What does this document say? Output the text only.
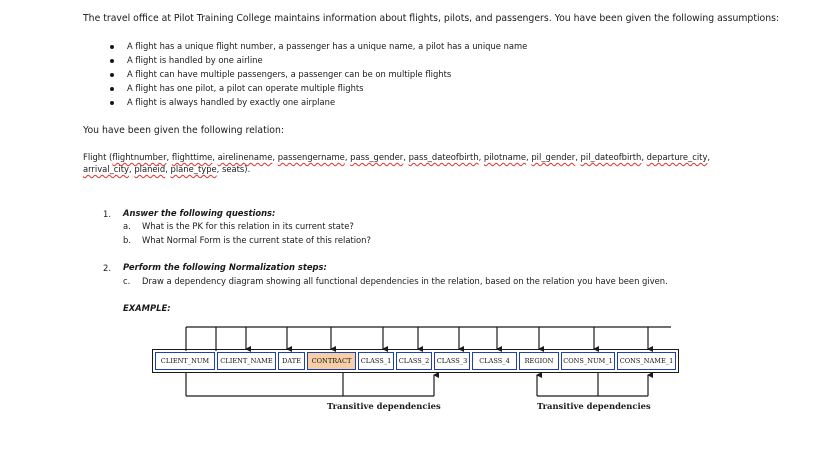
The travel office at Pilot Training College maintains information about flights, pilots, and passengers. You have been given the following assumptions:
A flight has a unique flight number, a passenger has a unique name, a pilot has a unique name
A flight is handled by one airline
A flight can have multiple passengers, a passenger can be on multiple flights
A flight has one pilot, a pilot can operate multiple flights
A flight is always handled by exactly one airplane
You have been given the following relation:
Flight (flightnumber, flighttime, airelinename, passengername, pass_gender, pass_dateofbirth, pilotname, pil_gender, pil_dateofbirth, departure_city,
arrival_city, planeid, plane_type, seats).
1. Answer the following questions:
a. What is the PK for this relation in its current state?
b. What Normal Form is the current state of this relation?
2. Perform the following Normalization steps:
c. Draw a dependency diagram showing all functional dependencies in the relation, based on the relation you have been given.
EXAMPLE:
CLIENT_NUM	CLIENT_NAME	DATE	CONTRACT	CLASS_1	CLASS_2	CLASS_3	CLASS_4	REGION	CONS_NUM_1	CONS_NAME_1
Transitive dependencies	Transitive dependencies
